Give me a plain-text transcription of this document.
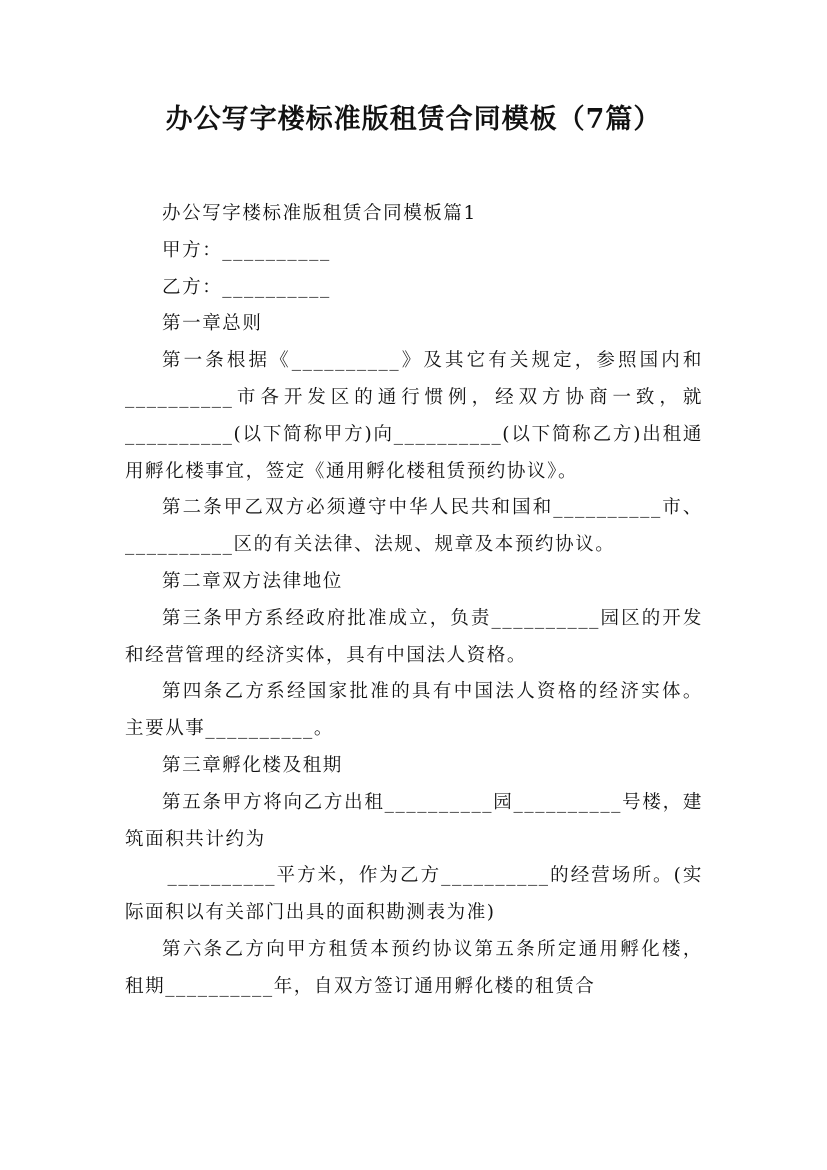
办公写字楼标准版租赁合同模板（7篇）

办公写字楼标准版租赁合同模板篇1

甲方：__________

乙方：__________

第一章总则

第一条根据《__________》及其它有关规定，参照国内和__________市各开发区的通行惯例，经双方协商一致，就__________(以下简称甲方)向__________(以下简称乙方)出租通用孵化楼事宜，签定《通用孵化楼租赁预约协议》。

第二条甲乙双方必须遵守中华人民共和国和__________市、__________区的有关法律、法规、规章及本预约协议。

第二章双方法律地位

第三条甲方系经政府批准成立，负责__________园区的开发和经营管理的经济实体，具有中国法人资格。

第四条乙方系经国家批准的具有中国法人资格的经济实体。主要从事__________。

第三章孵化楼及租期

第五条甲方将向乙方出租__________园__________号楼，建筑面积共计约为

__________平方米，作为乙方__________的经营场所。(实际面积以有关部门出具的面积勘测表为准)

第六条乙方向甲方租赁本预约协议第五条所定通用孵化楼，租期__________年，自双方签订通用孵化楼的租赁合
